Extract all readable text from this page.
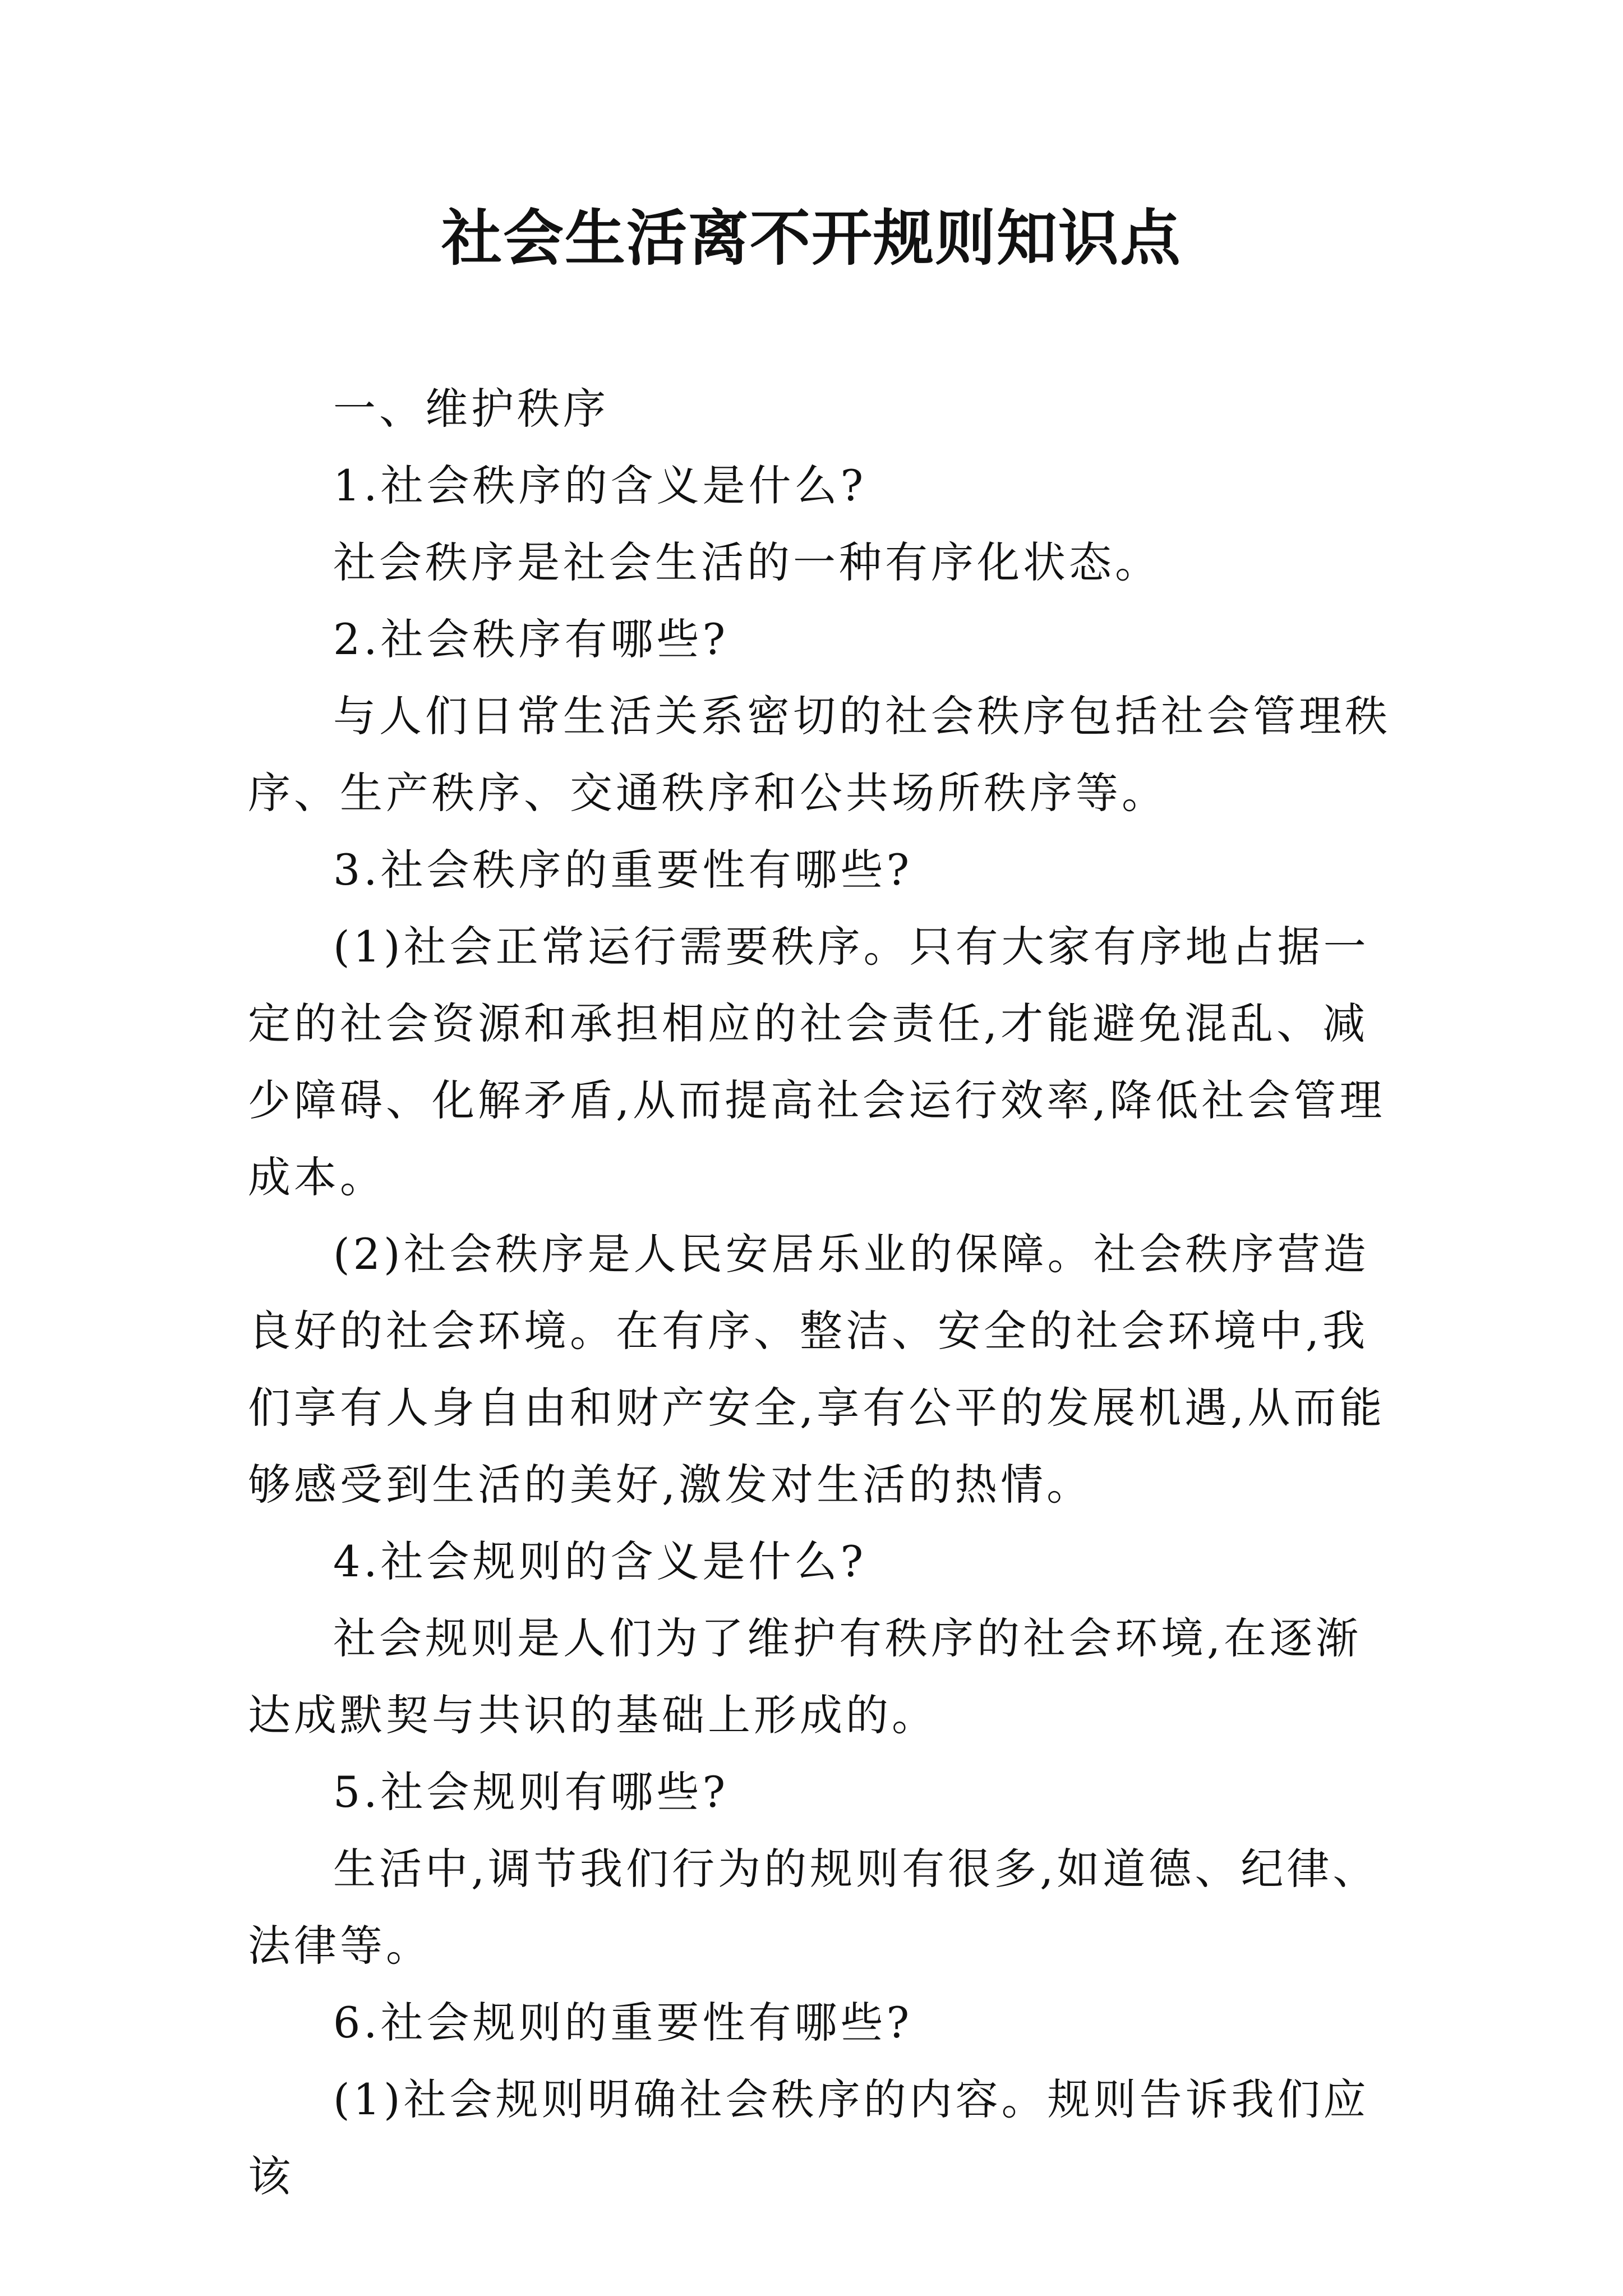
社会生活离不开规则知识点

一、维护秩序

1.社会秩序的含义是什么?

社会秩序是社会生活的一种有序化状态。

2.社会秩序有哪些?

与人们日常生活关系密切的社会秩序包括社会管理秩序、生产秩序、交通秩序和公共场所秩序等。

3.社会秩序的重要性有哪些?

(1)社会正常运行需要秩序。只有大家有序地占据一定的社会资源和承担相应的社会责任,才能避免混乱、减少障碍、化解矛盾,从而提高社会运行效率,降低社会管理成本。

(2)社会秩序是人民安居乐业的保障。社会秩序营造良好的社会环境。在有序、整洁、安全的社会环境中,我们享有人身自由和财产安全,享有公平的发展机遇,从而能够感受到生活的美好,激发对生活的热情。

4.社会规则的含义是什么?

社会规则是人们为了维护有秩序的社会环境,在逐渐达成默契与共识的基础上形成的。

5.社会规则有哪些?

生活中,调节我们行为的规则有很多,如道德、纪律、法律等。

6.社会规则的重要性有哪些?

(1)社会规则明确社会秩序的内容。规则告诉我们应该
